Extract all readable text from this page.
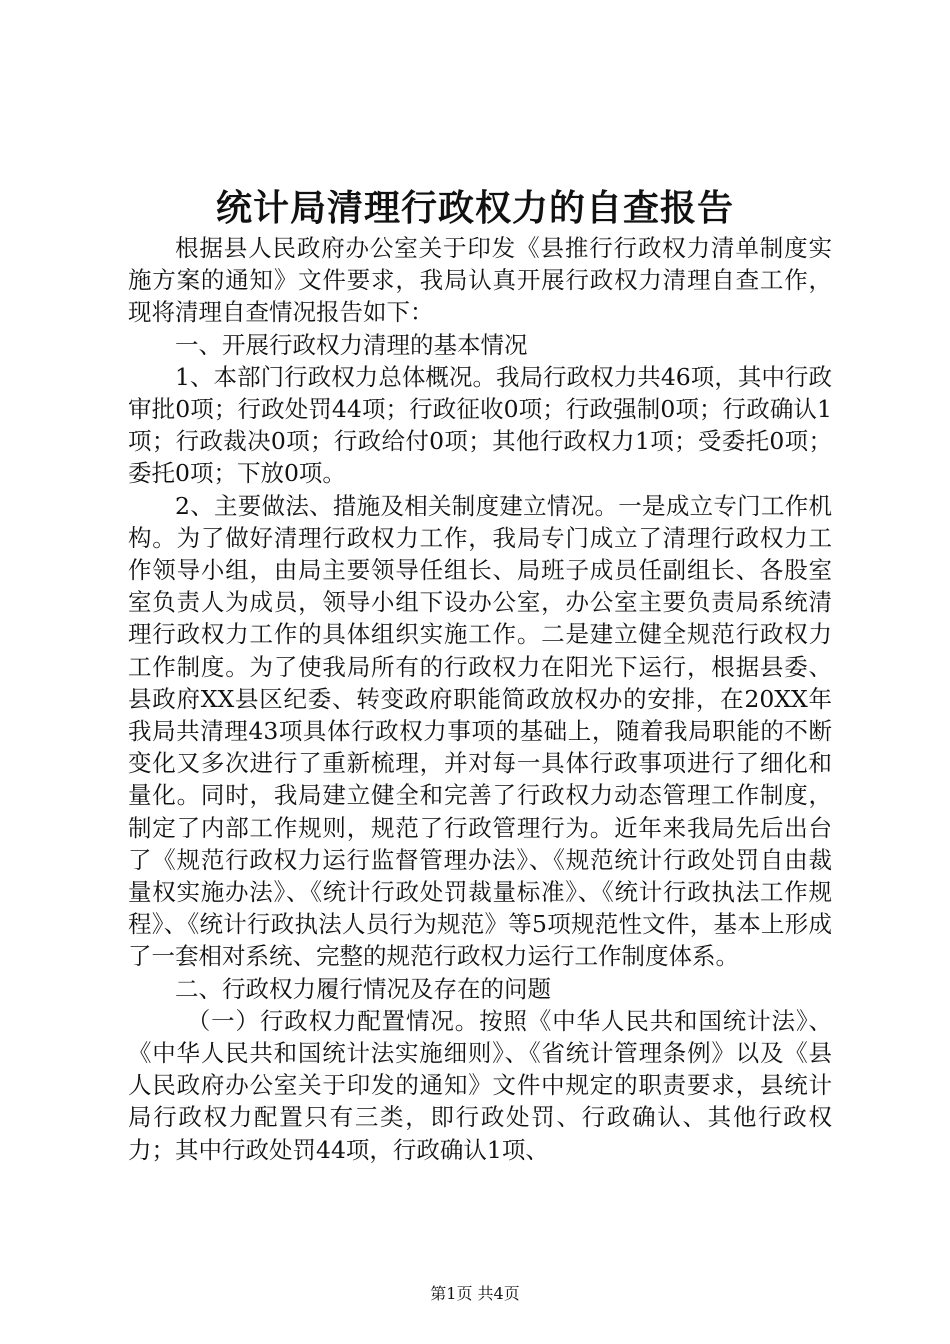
统计局清理行政权力的自查报告

根据县人民政府办公室关于印发《县推行行政权力清单制度实施方案的通知》文件要求，我局认真开展行政权力清理自查工作，现将清理自查情况报告如下：

一、开展行政权力清理的基本情况

1、本部门行政权力总体概况。我局行政权力共46项，其中行政审批0项；行政处罚44项；行政征收0项；行政强制0项；行政确认1项；行政裁决0项；行政给付0项；其他行政权力1项；受委托0项；委托0项；下放0项。

2、主要做法、措施及相关制度建立情况。一是成立专门工作机构。为了做好清理行政权力工作，我局专门成立了清理行政权力工作领导小组，由局主要领导任组长、局班子成员任副组长、各股室室负责人为成员，领导小组下设办公室，办公室主要负责局系统清理行政权力工作的具体组织实施工作。二是建立健全规范行政权力工作制度。为了使我局所有的行政权力在阳光下运行，根据县委、县政府XX县区纪委、转变政府职能简政放权办的安排，在20XX年我局共清理43项具体行政权力事项的基础上，随着我局职能的不断变化又多次进行了重新梳理，并对每一具体行政事项进行了细化和量化。同时，我局建立健全和完善了行政权力动态管理工作制度，制定了内部工作规则，规范了行政管理行为。近年来我局先后出台了《规范行政权力运行监督管理办法》、《规范统计行政处罚自由裁量权实施办法》、《统计行政处罚裁量标准》、《统计行政执法工作规程》、《统计行政执法人员行为规范》等5项规范性文件，基本上形成了一套相对系统、完整的规范行政权力运行工作制度体系。

二、行政权力履行情况及存在的问题

（一）行政权力配置情况。按照《中华人民共和国统计法》、《中华人民共和国统计法实施细则》、《省统计管理条例》以及《县人民政府办公室关于印发的通知》文件中规定的职责要求，县统计局行政权力配置只有三类，即行政处罚、行政确认、其他行政权力；其中行政处罚44项，行政确认1项、

第1页 共4页
